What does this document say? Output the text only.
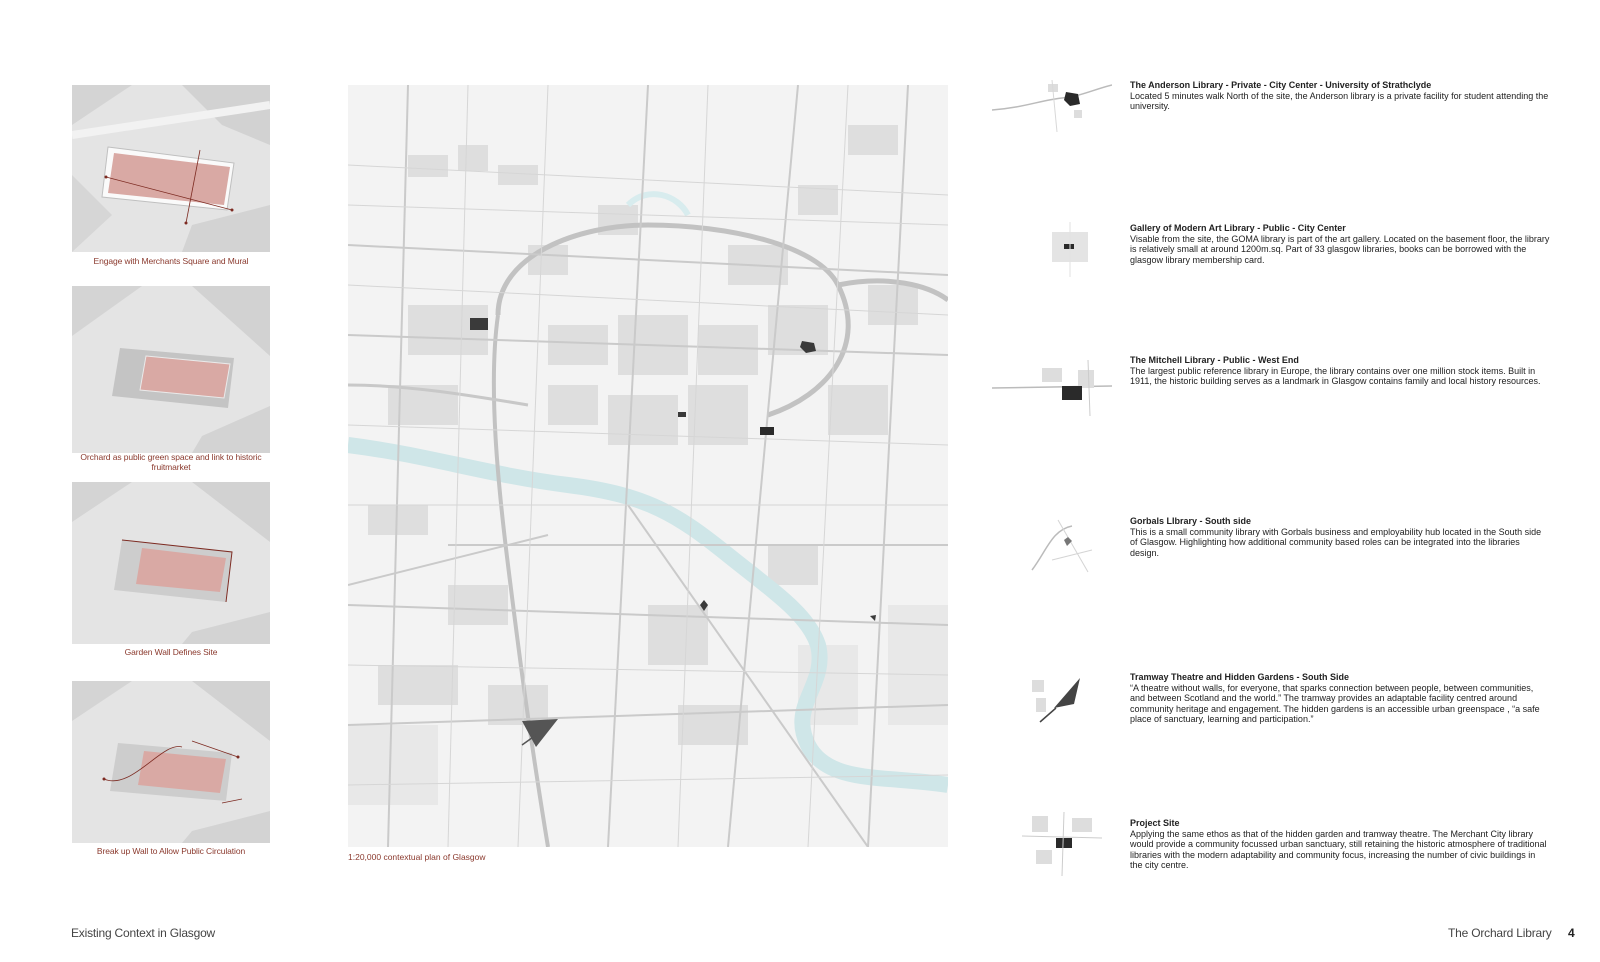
Engage with Merchants Square and Mural
Orchard as public green space and link to historic fruitmarket
Garden Wall Defines Site
Break up Wall to Allow Public Circulation
1:20,000 contextual plan of Glasgow
The Anderson Library - Private - City Center - University of Strathclyde
Located 5 minutes walk North of the site, the Anderson library is a private facility for student attending the university.
Gallery of Modern Art Library - Public - City Center
Visable from the site, the GOMA library is part of the art gallery. Located on the basement floor, the library is relatively small at around 1200m.sq. Part of 33 glasgow libraries, books can be borrowed with the glasgow library membership card.
The Mitchell Library - Public - West End
The largest public reference library in Europe, the library contains over one million stock items. Built in 1911, the historic building serves as a landmark in Glasgow contains family and local history resources.
Gorbals LIbrary - South side
This is a small community library with Gorbals business and employability hub located in the South side of Glasgow. Highlighting how additional community based roles can be integrated into the libraries design.
Tramway Theatre and Hidden Gardens - South Side
“A theatre without walls, for everyone, that sparks connection between people, between communities, and between Scotland and the world.” The tramway provides an adaptable facility centred around community heritage and engagement. The hidden gardens is an accessible urban greenspace , “a safe place of sanctuary, learning and participation.”
Project Site
Applying the same ethos as that of the hidden garden and tramway theatre. The Merchant City library would provide a community focussed urban sanctuary, still retaining the historic atmosphere of traditional libraries with the modern adaptability and community focus, increasing the number of civic buildings in the city centre.
Existing Context in Glasgow	The Orchard Library 4
